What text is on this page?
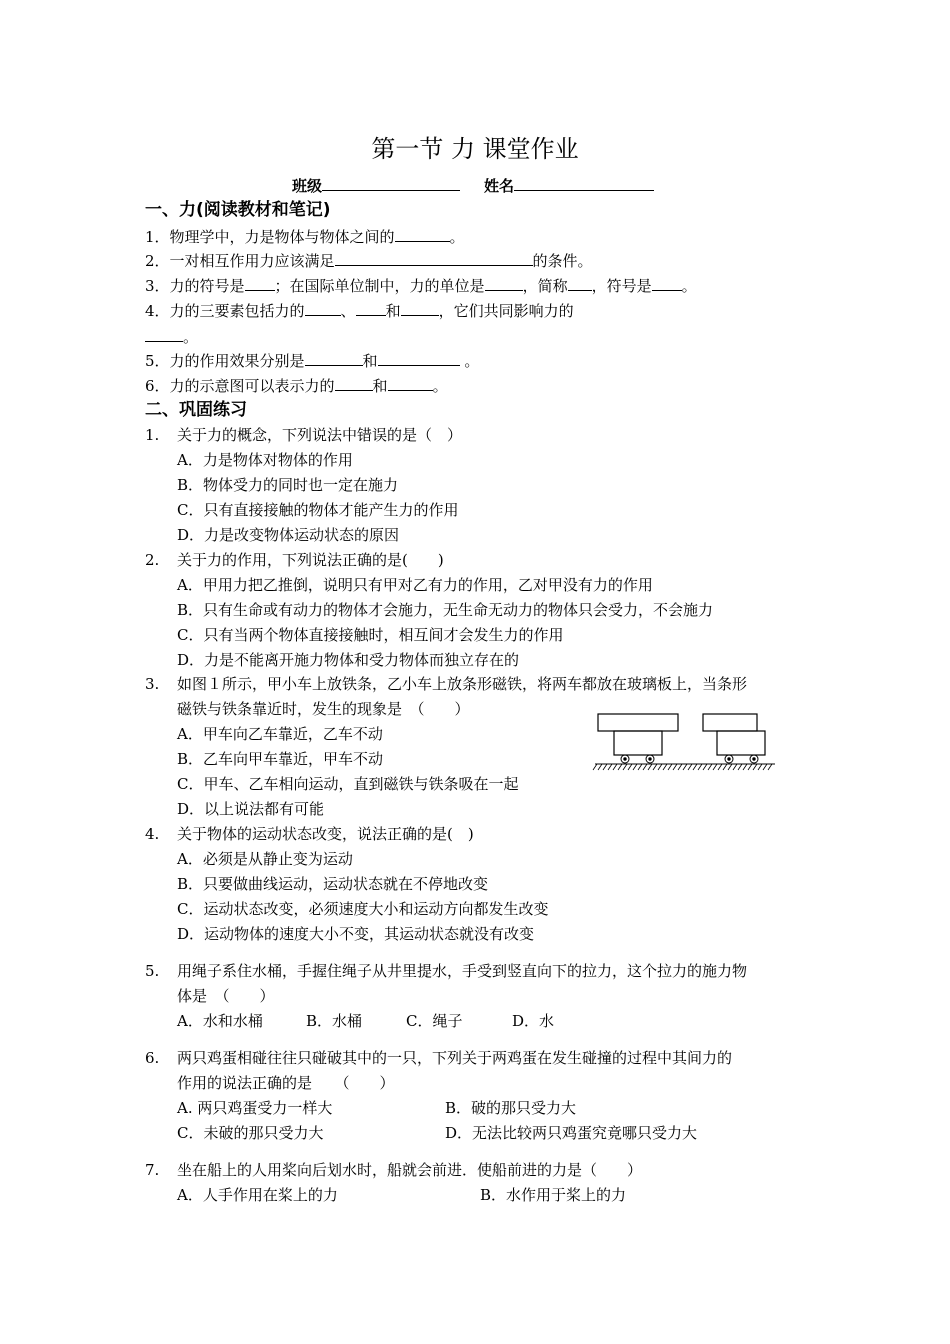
第一节 力 课堂作业
班级	姓名
一、力(阅读教材和笔记)
1．物理学中，力是物体与物体之间的	。
2．一对相互作用力应该满足	的条件。
3．力的符号是 ；在国际单位制中，力的单位是	，简称 ，符号是 。
4．力的三要素包括力的 、 和	，它们共同影响力的
。
5．力的作用效果分别是	和	。
6．力的示意图可以表示力的	和	。
二、巩固练习
1. 关于力的概念，下列说法中错误的是（　）
A．力是物体对物体的作用
B．物体受力的同时也一定在施力
C．只有直接接触的物体才能产生力的作用
D．力是改变物体运动状态的原因
2. 关于力的作用，下列说法正确的是(　　)
A．甲用力把乙推倒，说明只有甲对乙有力的作用，乙对甲没有力的作用
B．只有生命或有动力的物体才会施力，无生命无动力的物体只会受力，不会施力
C．只有当两个物体直接接触时，相互间才会发生力的作用
D．力是不能离开施力物体和受力物体而独立存在的
3. 如图１所示，甲小车上放铁条，乙小车上放条形磁铁，将两车都放在玻璃板上，当条形
磁铁与铁条靠近时，发生的现象是　（　　）
A．甲车向乙车靠近，乙车不动
B．乙车向甲车靠近，甲车不动
C．甲车、乙车相向运动，直到磁铁与铁条吸在一起
D．以上说法都有可能
4. 关于物体的运动状态改变，说法正确的是(　)
A．必须是从静止变为运动
B．只要做曲线运动，运动状态就在不停地改变
C．运动状态改变，必须速度大小和运动方向都发生改变
D．运动物体的速度大小不变，其运动状态就没有改变
5. 用绳子系住水桶，手握住绳子从井里提水，手受到竖直向下的拉力，这个拉力的施力物
体是　（　　）
A．水和水桶	B．水桶	C．绳子	D．水
6. 两只鸡蛋相碰往往只碰破其中的一只，下列关于两鸡蛋在发生碰撞的过程中其间力的
作用的说法正确的是　　（　　）
A. 两只鸡蛋受力一样大	B．破的那只受力大
C．未破的那只受力大	D．无法比较两只鸡蛋究竟哪只受力大
7. 坐在船上的人用桨向后划水时，船就会前进．使船前进的力是（　　）
A．人手作用在桨上的力	B．水作用于桨上的力
